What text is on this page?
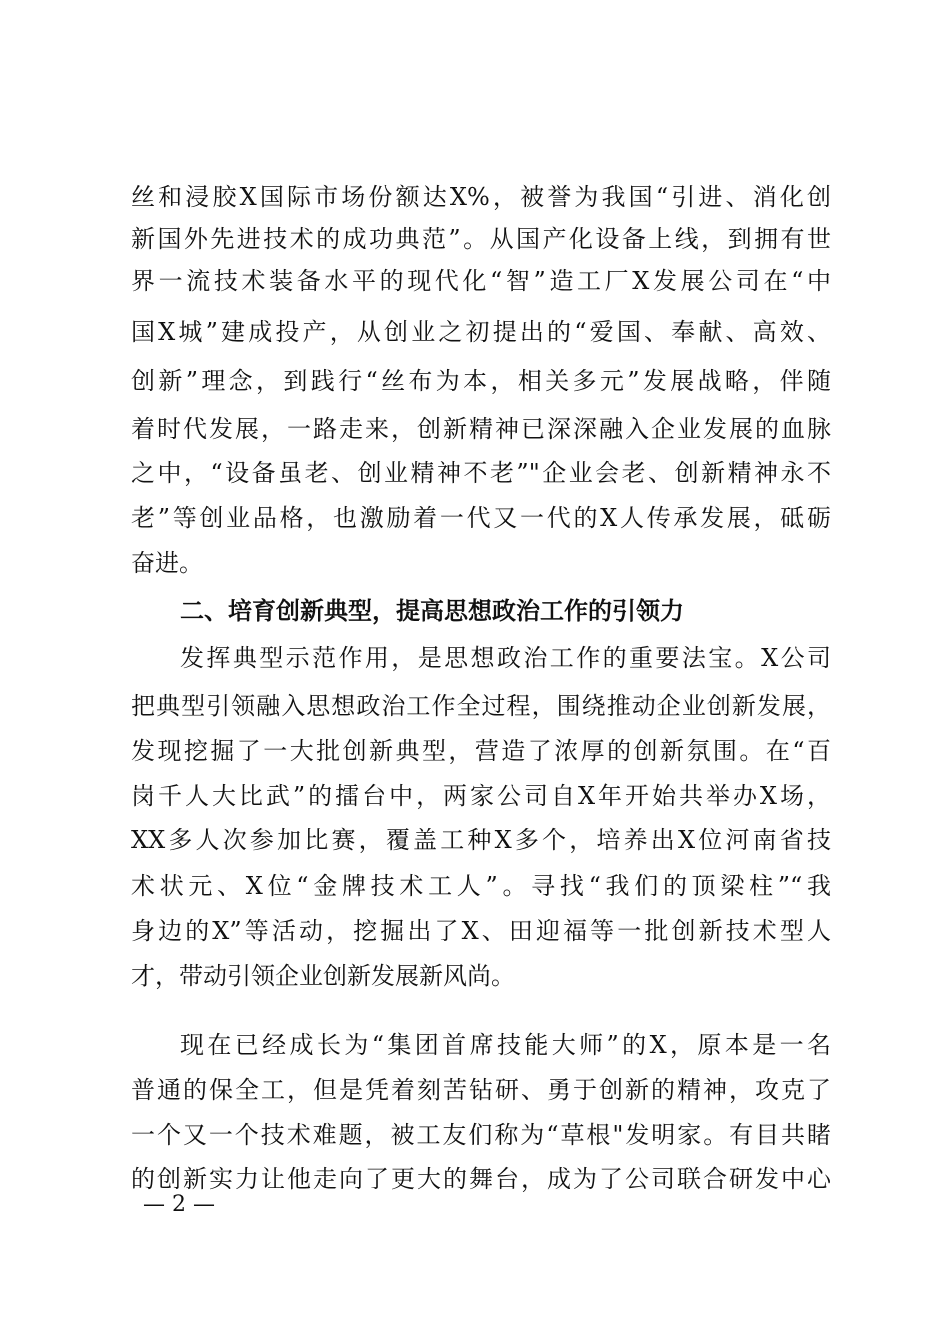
丝和浸胶X国际市场份额达X%，被誉为我国“引进、消化创
新国外先进技术的成功典范”。从国产化设备上线，到拥有世
界一流技术装备水平的现代化“智”造工厂X发展公司在“中
国X城”建成投产，从创业之初提出的“爱国、奉献、高效、
创新”理念，到践行“丝布为本，相关多元”发展战略，伴随
着时代发展，一路走来，创新精神已深深融入企业发展的血脉
之中，“设备虽老、创业精神不老”"企业会老、创新精神永不
老”等创业品格，也激励着一代又一代的X人传承发展，砥砺
奋进。
二、培育创新典型，提高思想政治工作的引领力
发挥典型示范作用，是思想政治工作的重要法宝。X公司
把典型引领融入思想政治工作全过程，围绕推动企业创新发展，
发现挖掘了一大批创新典型，营造了浓厚的创新氛围。在“百
岗千人大比武”的擂台中，两家公司自X年开始共举办X场，
XX多人次参加比赛，覆盖工种X多个，培养出X位河南省技
术状元、X位“金牌技术工人”。寻找“我们的顶梁柱”“我
身边的X”等活动，挖掘出了X、田迎福等一批创新技术型人
才，带动引领企业创新发展新风尚。
现在已经成长为“集团首席技能大师”的X，原本是一名
普通的保全工，但是凭着刻苦钻研、勇于创新的精神，攻克了
一个又一个技术难题，被工友们称为“草根"发明家。有目共睹
的创新实力让他走向了更大的舞台，成为了公司联合研发中心
— 2 —
